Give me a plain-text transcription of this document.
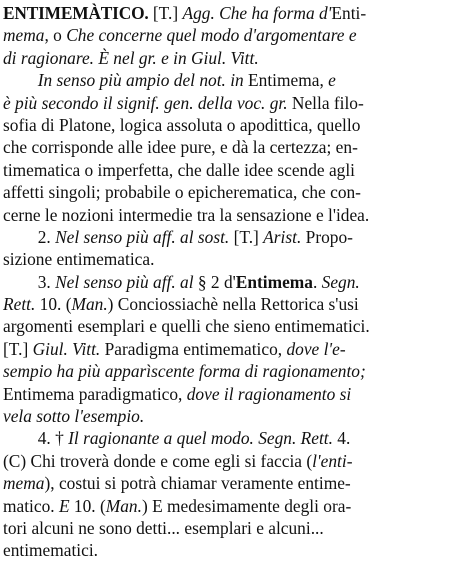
ENTIMEMÀTICO. [T.] Agg. Che ha forma d'Enti-
mema, o Che concerne quel modo d'argomentare e
di ragionare. È nel gr. e in Giul. Vitt.
  In senso più ampio del not. in Entimema, e
è più secondo il signif. gen. della voc. gr. Nella filo-
sofia di Platone, logica assoluta o apodittica, quello
che corrisponde alle idee pure, e dà la certezza; en-
timematica o imperfetta, che dalle idee scende agli
affetti singoli; probabile o epicherematica, che con-
cerne le nozioni intermedie tra la sensazione e l'idea.
  2. Nel senso più aff. al sost. [T.] Arist. Propo-
sizione entimematica.
  3. Nel senso più aff. al § 2 d'Entimema. Segn.
Rett. 10. (Man.) Conciossiachè nella Rettorica s'usi
argomenti esemplari e quelli che sieno entimematici.
[T.] Giul. Vitt. Paradigma entimematico, dove l'e-
sempio ha più apparìscente forma di ragionamento;
Entimema paradigmatico, dove il ragionamento si
vela sotto l'esempio.
  4. † Il ragionante a quel modo. Segn. Rett. 4.
(C) Chi troverà donde e come egli si faccia (l'enti-
mema), costui si potrà chiamar veramente entime-
matico. E 10. (Man.) E medesimamente degli ora-
tori alcuni ne sono detti... esemplari e alcuni...
entimematici.
